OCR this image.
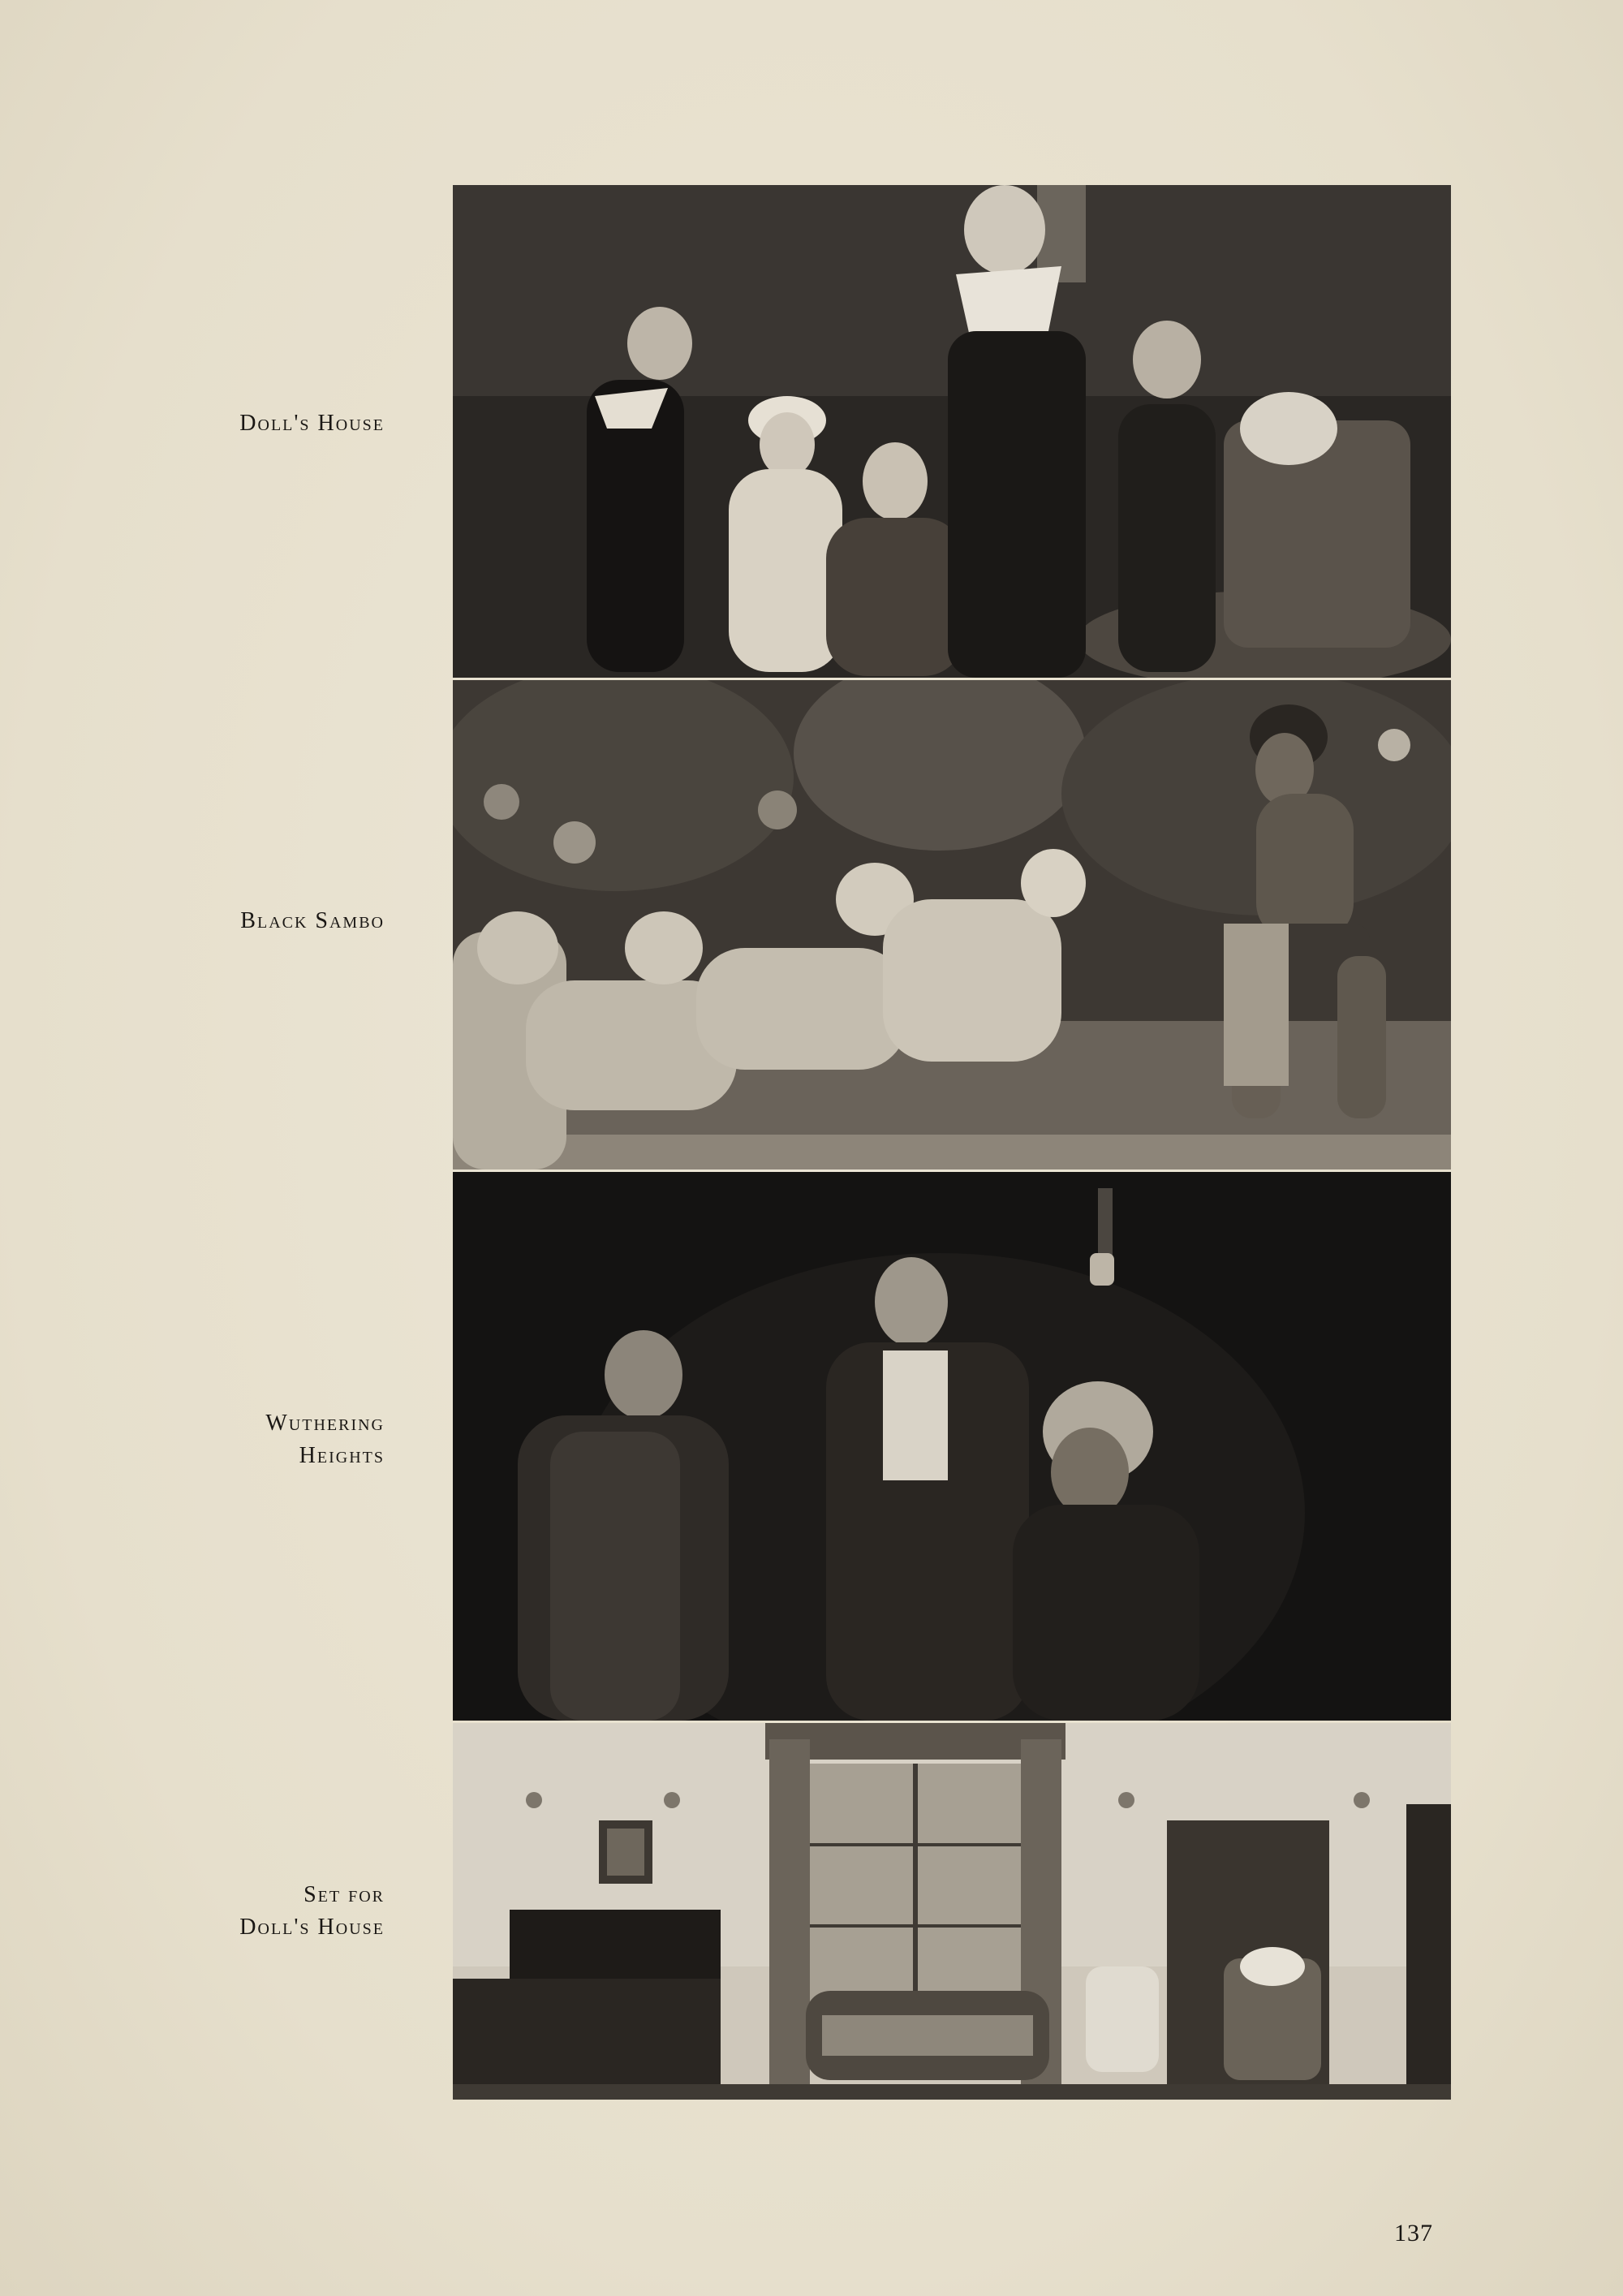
Doll's House
Black Sambo
Wuthering
Heights
Set for
Doll's House
137
